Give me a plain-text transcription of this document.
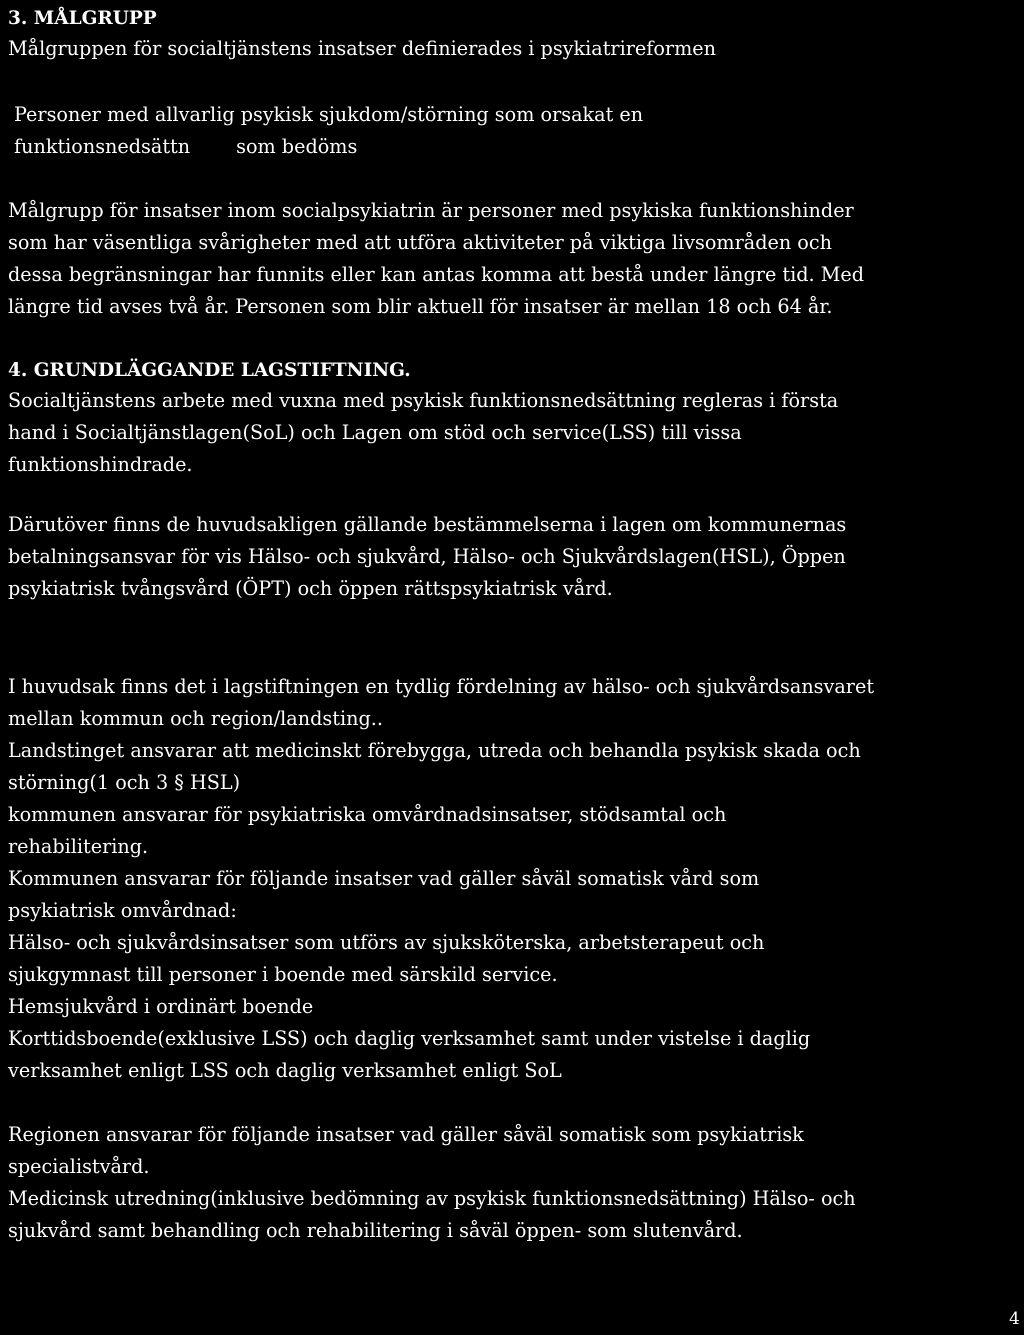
3. MÅLGRUPP

Målgruppen för socialtjänstens insatser definierades i psykiatrireformen

Personer med allvarlig psykisk sjukdom/störning som orsakat en

funktionsnedsättn som bedöms

Målgrupp för insatser inom socialpsykiatrin är personer med psykiska funktionshinder

som har väsentliga svårigheter med att utföra aktiviteter på viktiga livsområden och

dessa begränsningar har funnits eller kan antas komma att bestå under längre tid. Med

längre tid avses två år. Personen som blir aktuell för insatser är mellan 18 och 64 år.

4. GRUNDLÄGGANDE LAGSTIFTNING.

Socialtjänstens arbete med vuxna med psykisk funktionsnedsättning regleras i första

hand i Socialtjänstlagen(SoL) och Lagen om stöd och service(LSS) till vissa

funktionshindrade.

Därutöver finns de huvudsakligen gällande bestämmelserna i lagen om kommunernas

betalningsansvar för vis Hälso- och sjukvård, Hälso- och Sjukvårdslagen(HSL), Öppen

psykiatrisk tvångsvård (ÖPT) och öppen rättspsykiatrisk vård.

I huvudsak finns det i lagstiftningen en tydlig fördelning av hälso- och sjukvårdsansvaret

mellan kommun och region/landsting..

Landstinget ansvarar att medicinskt förebygga, utreda och behandla psykisk skada och

störning(1 och 3 § HSL)

kommunen ansvarar för psykiatriska omvårdnadsinsatser, stödsamtal och

rehabilitering.

Kommunen ansvarar för följande insatser vad gäller såväl somatisk vård som

psykiatrisk omvårdnad:

Hälso- och sjukvårdsinsatser som utförs av sjuksköterska, arbetsterapeut och

sjukgymnast till personer i boende med särskild service.

Hemsjukvård i ordinärt boende

Korttidsboende(exklusive LSS) och daglig verksamhet samt under vistelse i daglig

verksamhet enligt LSS och daglig verksamhet enligt SoL

Regionen ansvarar för följande insatser vad gäller såväl somatisk som psykiatrisk

specialistvård.

Medicinsk utredning(inklusive bedömning av psykisk funktionsnedsättning) Hälso- och

sjukvård samt behandling och rehabilitering i såväl öppen- som slutenvård.

4
